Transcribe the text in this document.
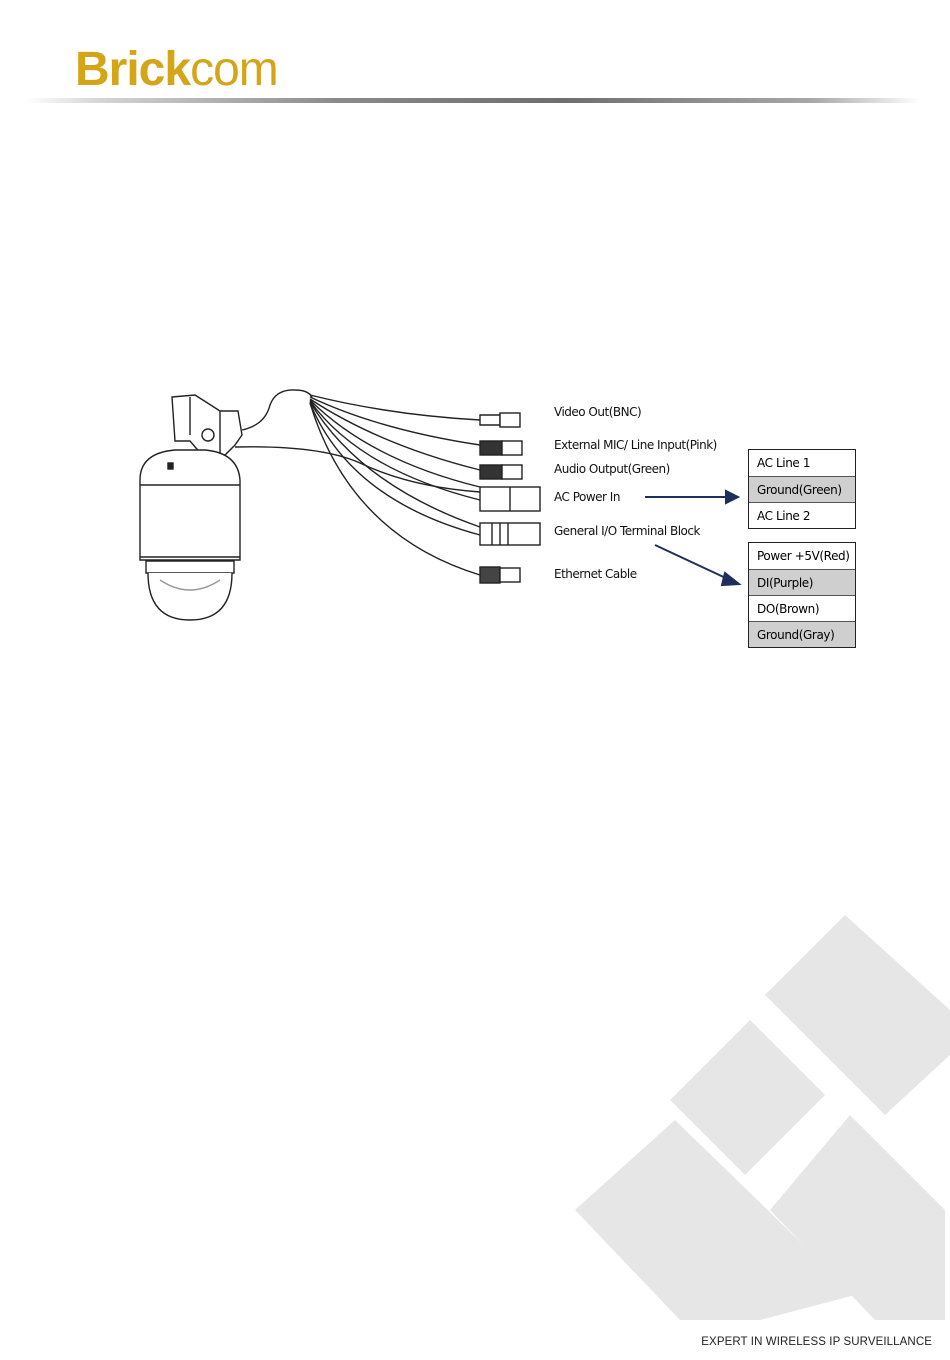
Brickcom
Video Out(BNC)
External MIC/ Line Input(Pink)
Audio Output(Green)
AC Power In
General I/O Terminal Block
Ethernet Cable
AC Line 1
Ground(Green)
AC Line 2
Power +5V(Red)
DI(Purple)
DO(Brown)
Ground(Gray)
EXPERT IN WIRELESS IP SURVEILLANCE
